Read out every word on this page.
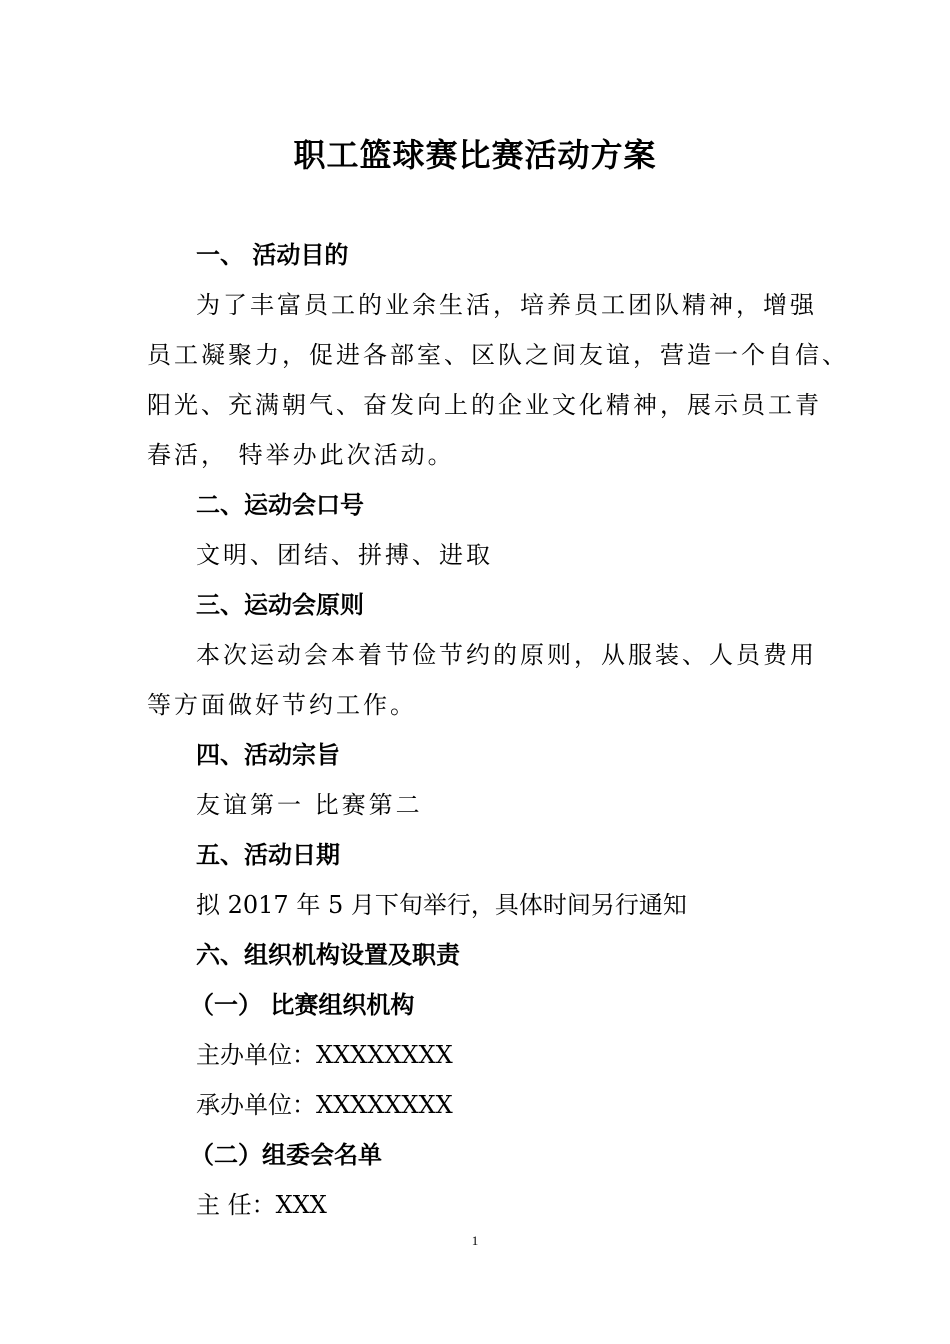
职工篮球赛比赛活动方案
一、 活动目的
为了丰富员工的业余生活，培养员工团队精神，增强
员工凝聚力，促进各部室、区队之间友谊，营造一个自信、
阳光、充满朝气、奋发向上的企业文化精神，展示员工青
春活， 特举办此次活动。
二、运动会口号
文明、团结、拼搏、进取
三、运动会原则
本次运动会本着节俭节约的原则，从服装、人员费用
等方面做好节约工作。
四、活动宗旨
友谊第一 比赛第二
五、活动日期
拟 2017 年 5 月下旬举行，具体时间另行通知
六、组织机构设置及职责
（一） 比赛组织机构
主办单位：XXXXXXXX
承办单位：XXXXXXXX
（二）组委会名单
主 任：XXX
1
